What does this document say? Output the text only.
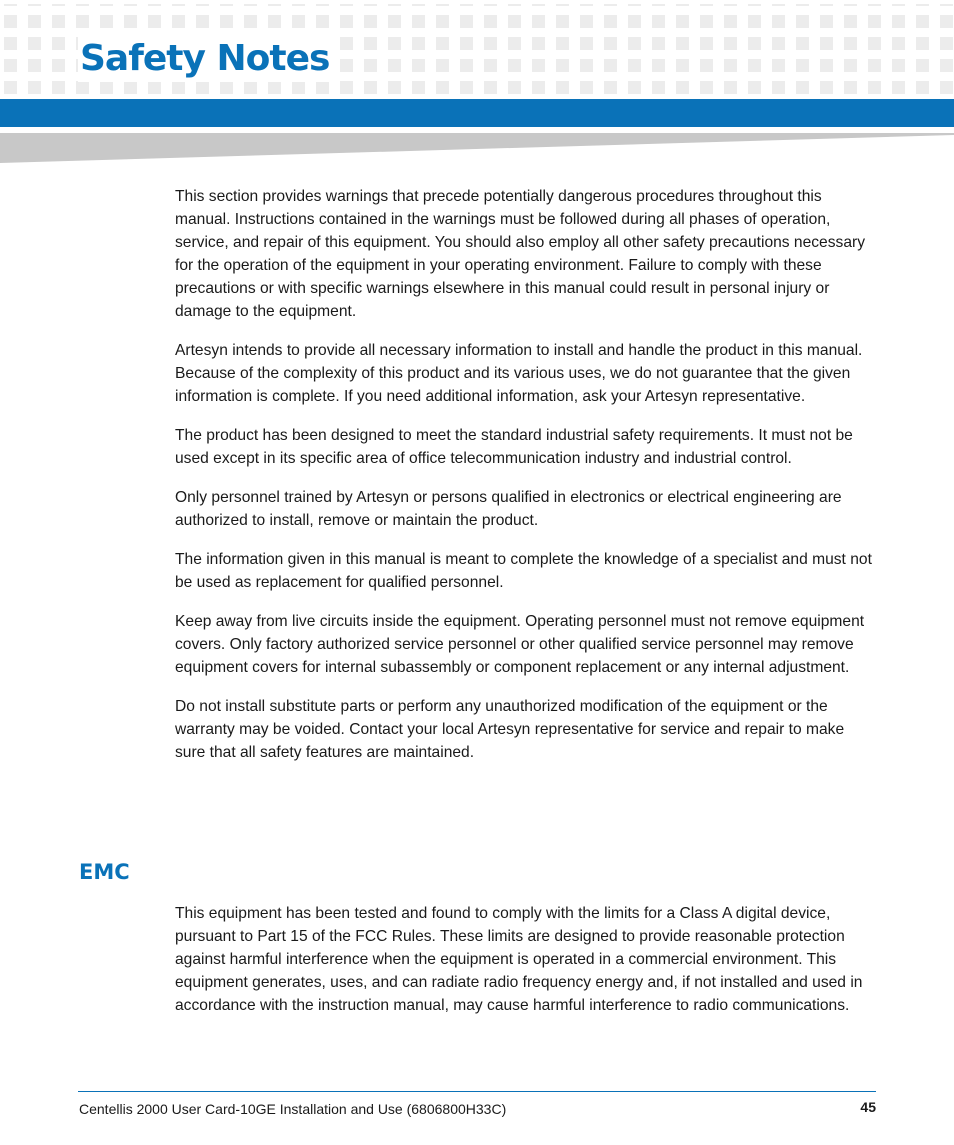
Safety Notes

This section provides warnings that precede potentially dangerous procedures throughout this manual. Instructions contained in the warnings must be followed during all phases of operation, service, and repair of this equipment. You should also employ all other safety precautions necessary for the operation of the equipment in your operating environment. Failure to comply with these precautions or with specific warnings elsewhere in this manual could result in personal injury or damage to the equipment.

Artesyn intends to provide all necessary information to install and handle the product in this manual. Because of the complexity of this product and its various uses, we do not guarantee that the given information is complete. If you need additional information, ask your Artesyn representative.

The product has been designed to meet the standard industrial safety requirements. It must not be used except in its specific area of office telecommunication industry and industrial control.

Only personnel trained by Artesyn or persons qualified in electronics or electrical engineering are authorized to install, remove or maintain the product.

The information given in this manual is meant to complete the knowledge of a specialist and must not be used as replacement for qualified personnel.

Keep away from live circuits inside the equipment. Operating personnel must not remove equipment covers. Only factory authorized service personnel or other qualified service personnel may remove equipment covers for internal subassembly or component replacement or any internal adjustment.

Do not install substitute parts or perform any unauthorized modification of the equipment or the warranty may be voided. Contact your local Artesyn representative for service and repair to make sure that all safety features are maintained.

EMC

This equipment has been tested and found to comply with the limits for a Class A digital device, pursuant to Part 15 of the FCC Rules. These limits are designed to provide reasonable protection against harmful interference when the equipment is operated in a commercial environment. This equipment generates, uses, and can radiate radio frequency energy and, if not installed and used in accordance with the instruction manual, may cause harmful interference to radio communications.

Centellis 2000 User Card-10GE Installation and Use (6806800H33C)	45
